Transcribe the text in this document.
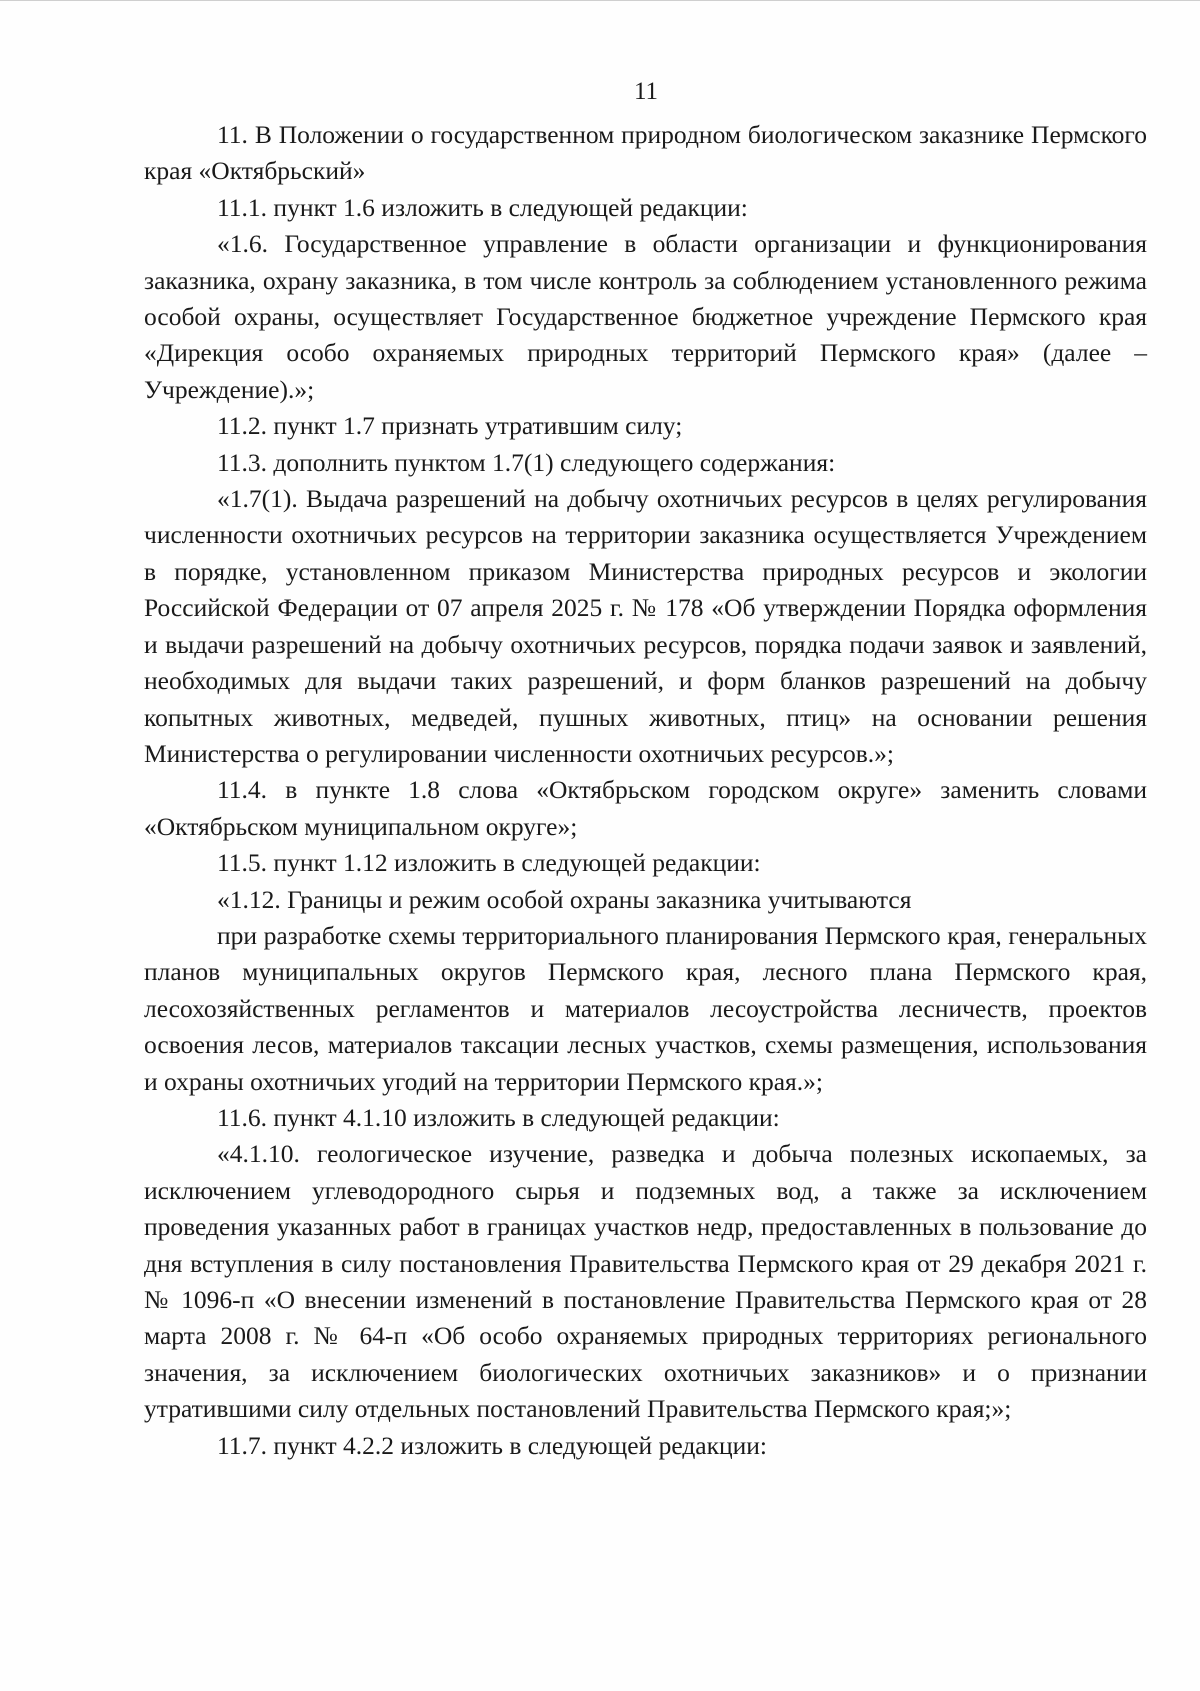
11

11. В Положении о государственном природном биологическом заказнике Пермского края «Октябрьский»

11.1. пункт 1.6 изложить в следующей редакции:

«1.6. Государственное управление в области организации и функционирования заказника, охрану заказника, в том числе контроль за соблюдением установленного режима особой охраны, осуществляет Государственное бюджетное учреждение Пермского края «Дирекция особо охраняемых природных территорий Пермского края» (далее – Учреждение).»;

11.2. пункт 1.7 признать утратившим силу;

11.3. дополнить пунктом 1.7(1) следующего содержания:

«1.7(1). Выдача разрешений на добычу охотничьих ресурсов в целях регулирования численности охотничьих ресурсов на территории заказника осуществляется Учреждением в порядке, установленном приказом Министерства природных ресурсов и экологии Российской Федерации от 07 апреля 2025 г. № 178 «Об утверждении Порядка оформления и выдачи разрешений на добычу охотничьих ресурсов, порядка подачи заявок и заявлений, необходимых для выдачи таких разрешений, и форм бланков разрешений на добычу копытных животных, медведей, пушных животных, птиц» на основании решения Министерства о регулировании численности охотничьих ресурсов.»;

11.4. в пункте 1.8 слова «Октябрьском городском округе» заменить словами «Октябрьском муниципальном округе»;

11.5. пункт 1.12 изложить в следующей редакции:

«1.12. Границы и режим особой охраны заказника учитываются

при разработке схемы территориального планирования Пермского края, генеральных планов муниципальных округов Пермского края, лесного плана Пермского края, лесохозяйственных регламентов и материалов лесоустройства лесничеств, проектов освоения лесов, материалов таксации лесных участков, схемы размещения, использования и охраны охотничьих угодий на территории Пермского края.»;

11.6. пункт 4.1.10 изложить в следующей редакции:

«4.1.10. геологическое изучение, разведка и добыча полезных ископаемых, за исключением углеводородного сырья и подземных вод, а также за исключением проведения указанных работ в границах участков недр, предоставленных в пользование до дня вступления в силу постановления Правительства Пермского края от 29 декабря 2021 г. № 1096-п «О внесении изменений в постановление Правительства Пермского края от 28 марта 2008 г. № 64-п «Об особо охраняемых природных территориях регионального значения, за исключением биологических охотничьих заказников» и о признании утратившими силу отдельных постановлений Правительства Пермского края;»;

11.7. пункт 4.2.2 изложить в следующей редакции:
